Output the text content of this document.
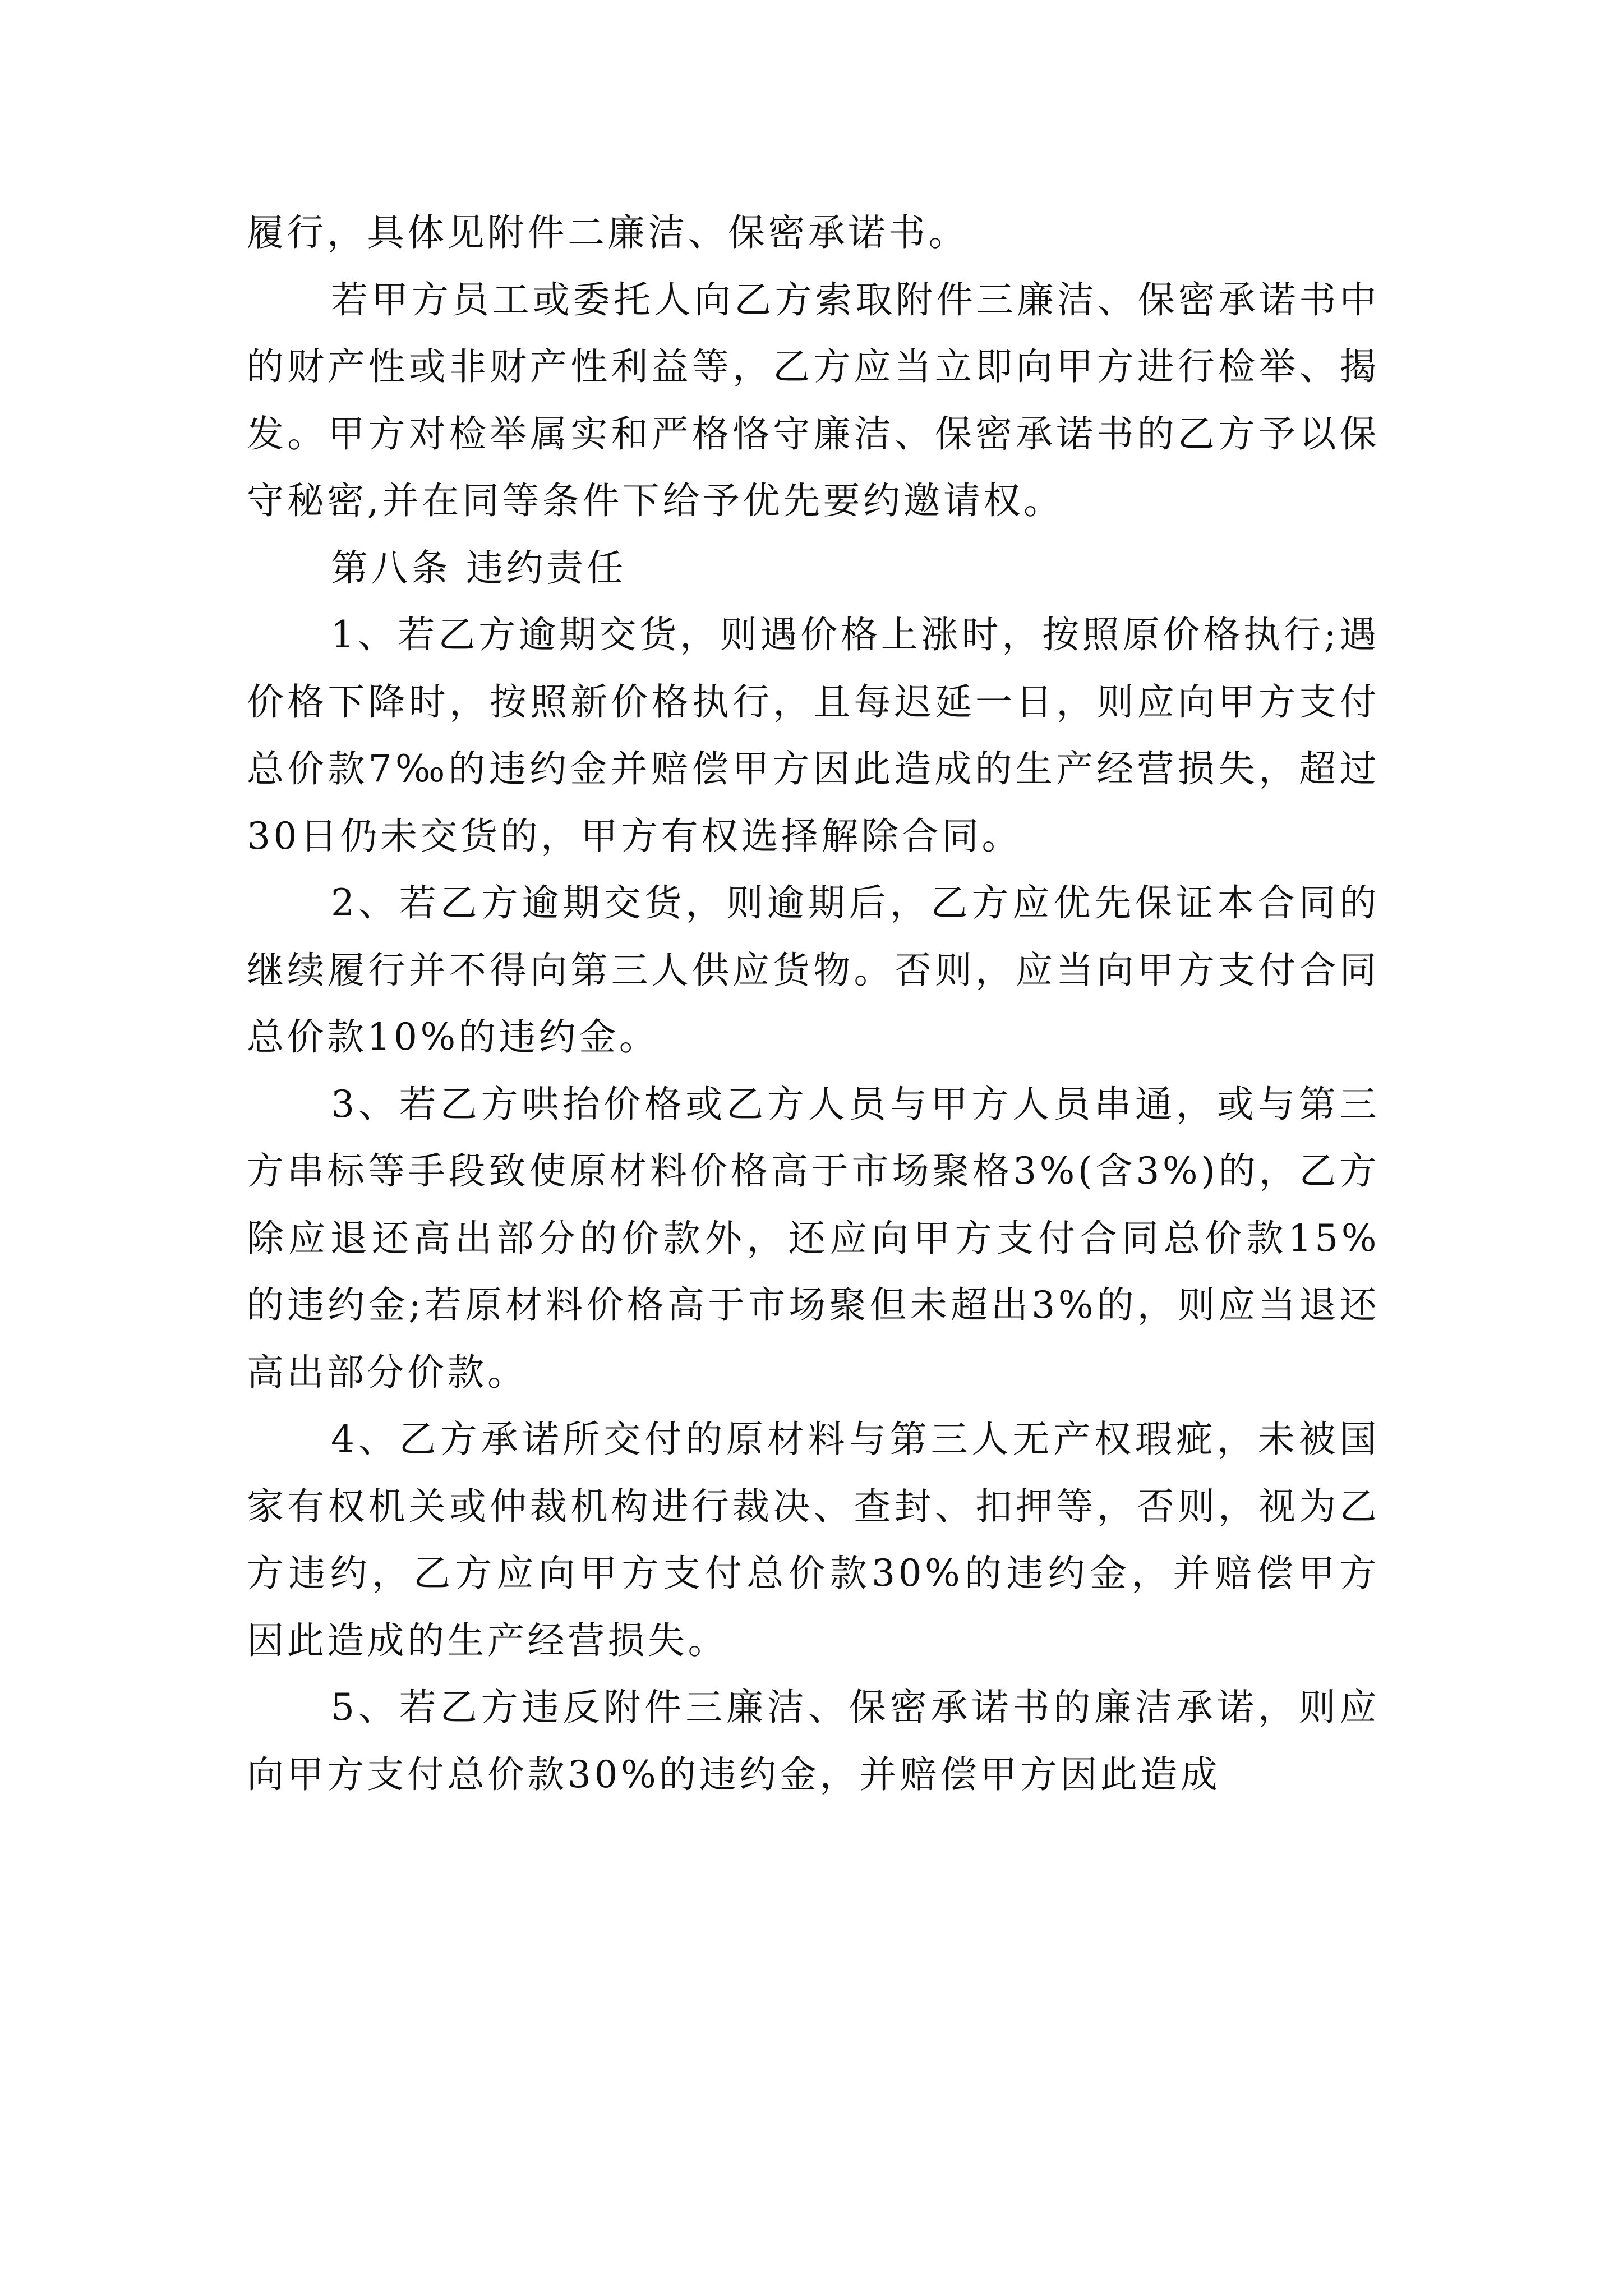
履行，具体见附件二廉洁、保密承诺书。

若甲方员工或委托人向乙方索取附件三廉洁、保密承诺书中的财产性或非财产性利益等，乙方应当立即向甲方进行检举、揭发。甲方对检举属实和严格恪守廉洁、保密承诺书的乙方予以保守秘密,并在同等条件下给予优先要约邀请权。

第八条 违约责任

1、若乙方逾期交货，则遇价格上涨时，按照原价格执行;遇价格下降时，按照新价格执行，且每迟延一日，则应向甲方支付总价款7‰的违约金并赔偿甲方因此造成的生产经营损失，超过30日仍未交货的，甲方有权选择解除合同。

2、若乙方逾期交货，则逾期后，乙方应优先保证本合同的继续履行并不得向第三人供应货物。否则，应当向甲方支付合同总价款10%的违约金。

3、若乙方哄抬价格或乙方人员与甲方人员串通，或与第三方串标等手段致使原材料价格高于市场聚格3%(含3%)的，乙方除应退还高出部分的价款外，还应向甲方支付合同总价款15%的违约金;若原材料价格高于市场聚但未超出3%的，则应当退还高出部分价款。

4、乙方承诺所交付的原材料与第三人无产权瑕疵，未被国家有权机关或仲裁机构进行裁决、查封、扣押等，否则，视为乙方违约，乙方应向甲方支付总价款30%的违约金，并赔偿甲方因此造成的生产经营损失。

5、若乙方违反附件三廉洁、保密承诺书的廉洁承诺，则应向甲方支付总价款30%的违约金，并赔偿甲方因此造成
